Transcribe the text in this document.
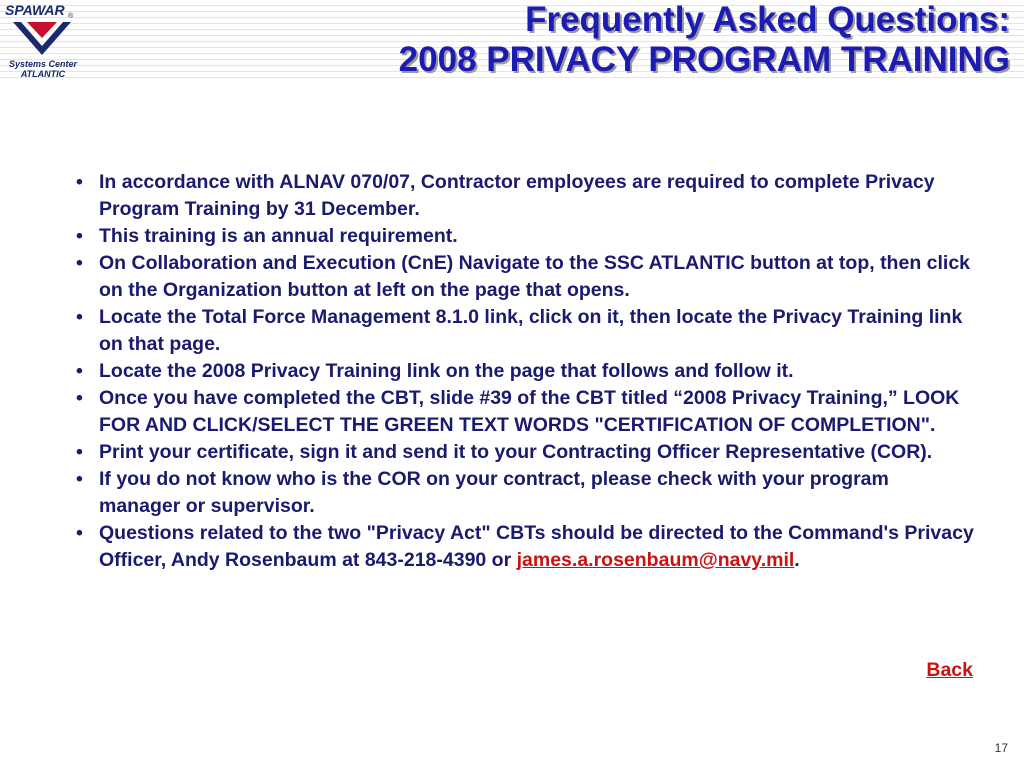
SPAWAR ®
Systems Center
ATLANTIC
Frequently Asked Questions:
2008 PRIVACY PROGRAM TRAINING
• In accordance with ALNAV 070/07, Contractor employees are required to complete Privacy Program Training by 31 December.
• This training is an annual requirement.
• On Collaboration and Execution (CnE) Navigate to the SSC ATLANTIC button at top, then click on the Organization button at left on the page that opens.
• Locate the Total Force Management 8.1.0 link, click on it, then locate the Privacy Training link on that page.
• Locate the 2008 Privacy Training link on the page that follows and follow it.
• Once you have completed the CBT, slide #39 of the CBT titled “2008 Privacy Training,” LOOK FOR AND CLICK/SELECT THE GREEN TEXT WORDS "CERTIFICATION OF COMPLETION".
• Print your certificate, sign it and send it to your Contracting Officer Representative (COR).
• If you do not know who is the COR on your contract, please check with your program manager or supervisor.
• Questions related to the two "Privacy Act" CBTs should be directed to the Command's Privacy Officer, Andy Rosenbaum at 843-218-4390 or james.a.rosenbaum@navy.mil.
Back
17
